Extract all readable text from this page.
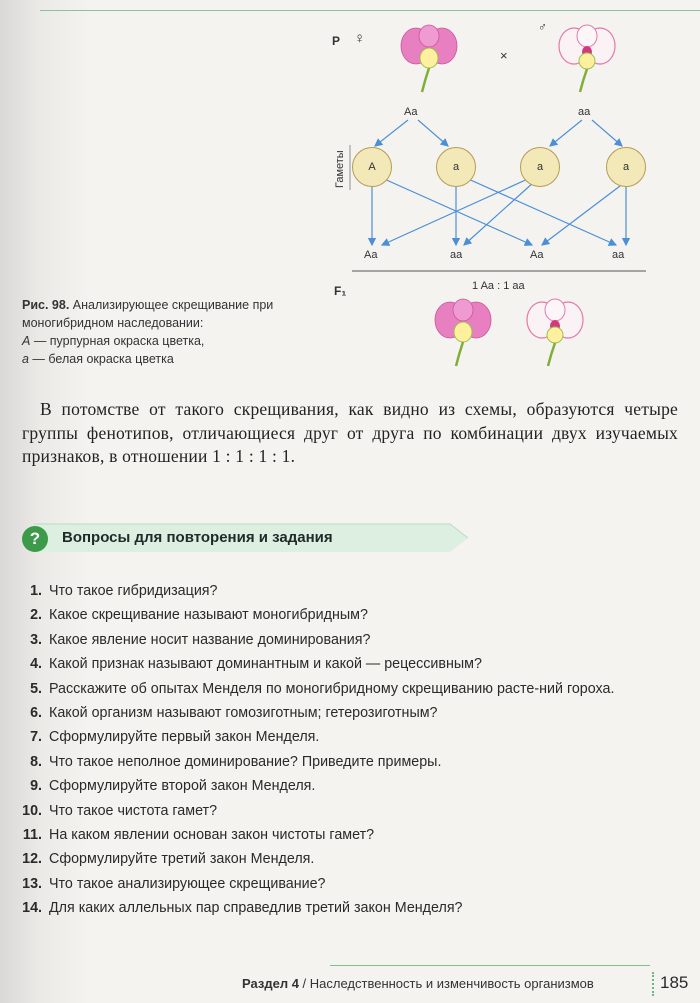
P ♀
×
♂
Aa	aa
Гаметы	A	a	a	a
Aa	aa	Aa	aa
F₁	1 Aa : 1 aa
Рис. 98. Анализирующее скрещивание при моногибридном наследовании:
А — пурпурная окраска цветка,
а — белая окраска цветка
В потомстве от такого скрещивания, как видно из схемы, образуются четыре группы фенотипов, отличающиеся друг от друга по комбинации двух изучаемых признаков, в отношении 1 : 1 : 1 : 1.
?	Вопросы для повторения и задания
1. Что такое гибридизация?
2. Какое скрещивание называют моногибридным?
3. Какое явление носит название доминирования?
4. Какой признак называют доминантным и какой — рецессивным?
5. Расскажите об опытах Менделя по моногибридному скрещиванию расте-ний гороха.
6. Какой организм называют гомозиготным; гетерозиготным?
7. Сформулируйте первый закон Менделя.
8. Что такое неполное доминирование? Приведите примеры.
9. Сформулируйте второй закон Менделя.
10. Что такое чистота гамет?
11. На каком явлении основан закон чистоты гамет?
12. Сформулируйте третий закон Менделя.
13. Что такое анализирующее скрещивание?
14. Для каких аллельных пар справедлив третий закон Менделя?
Раздел 4 / Наследственность и изменчивость организмов	185
